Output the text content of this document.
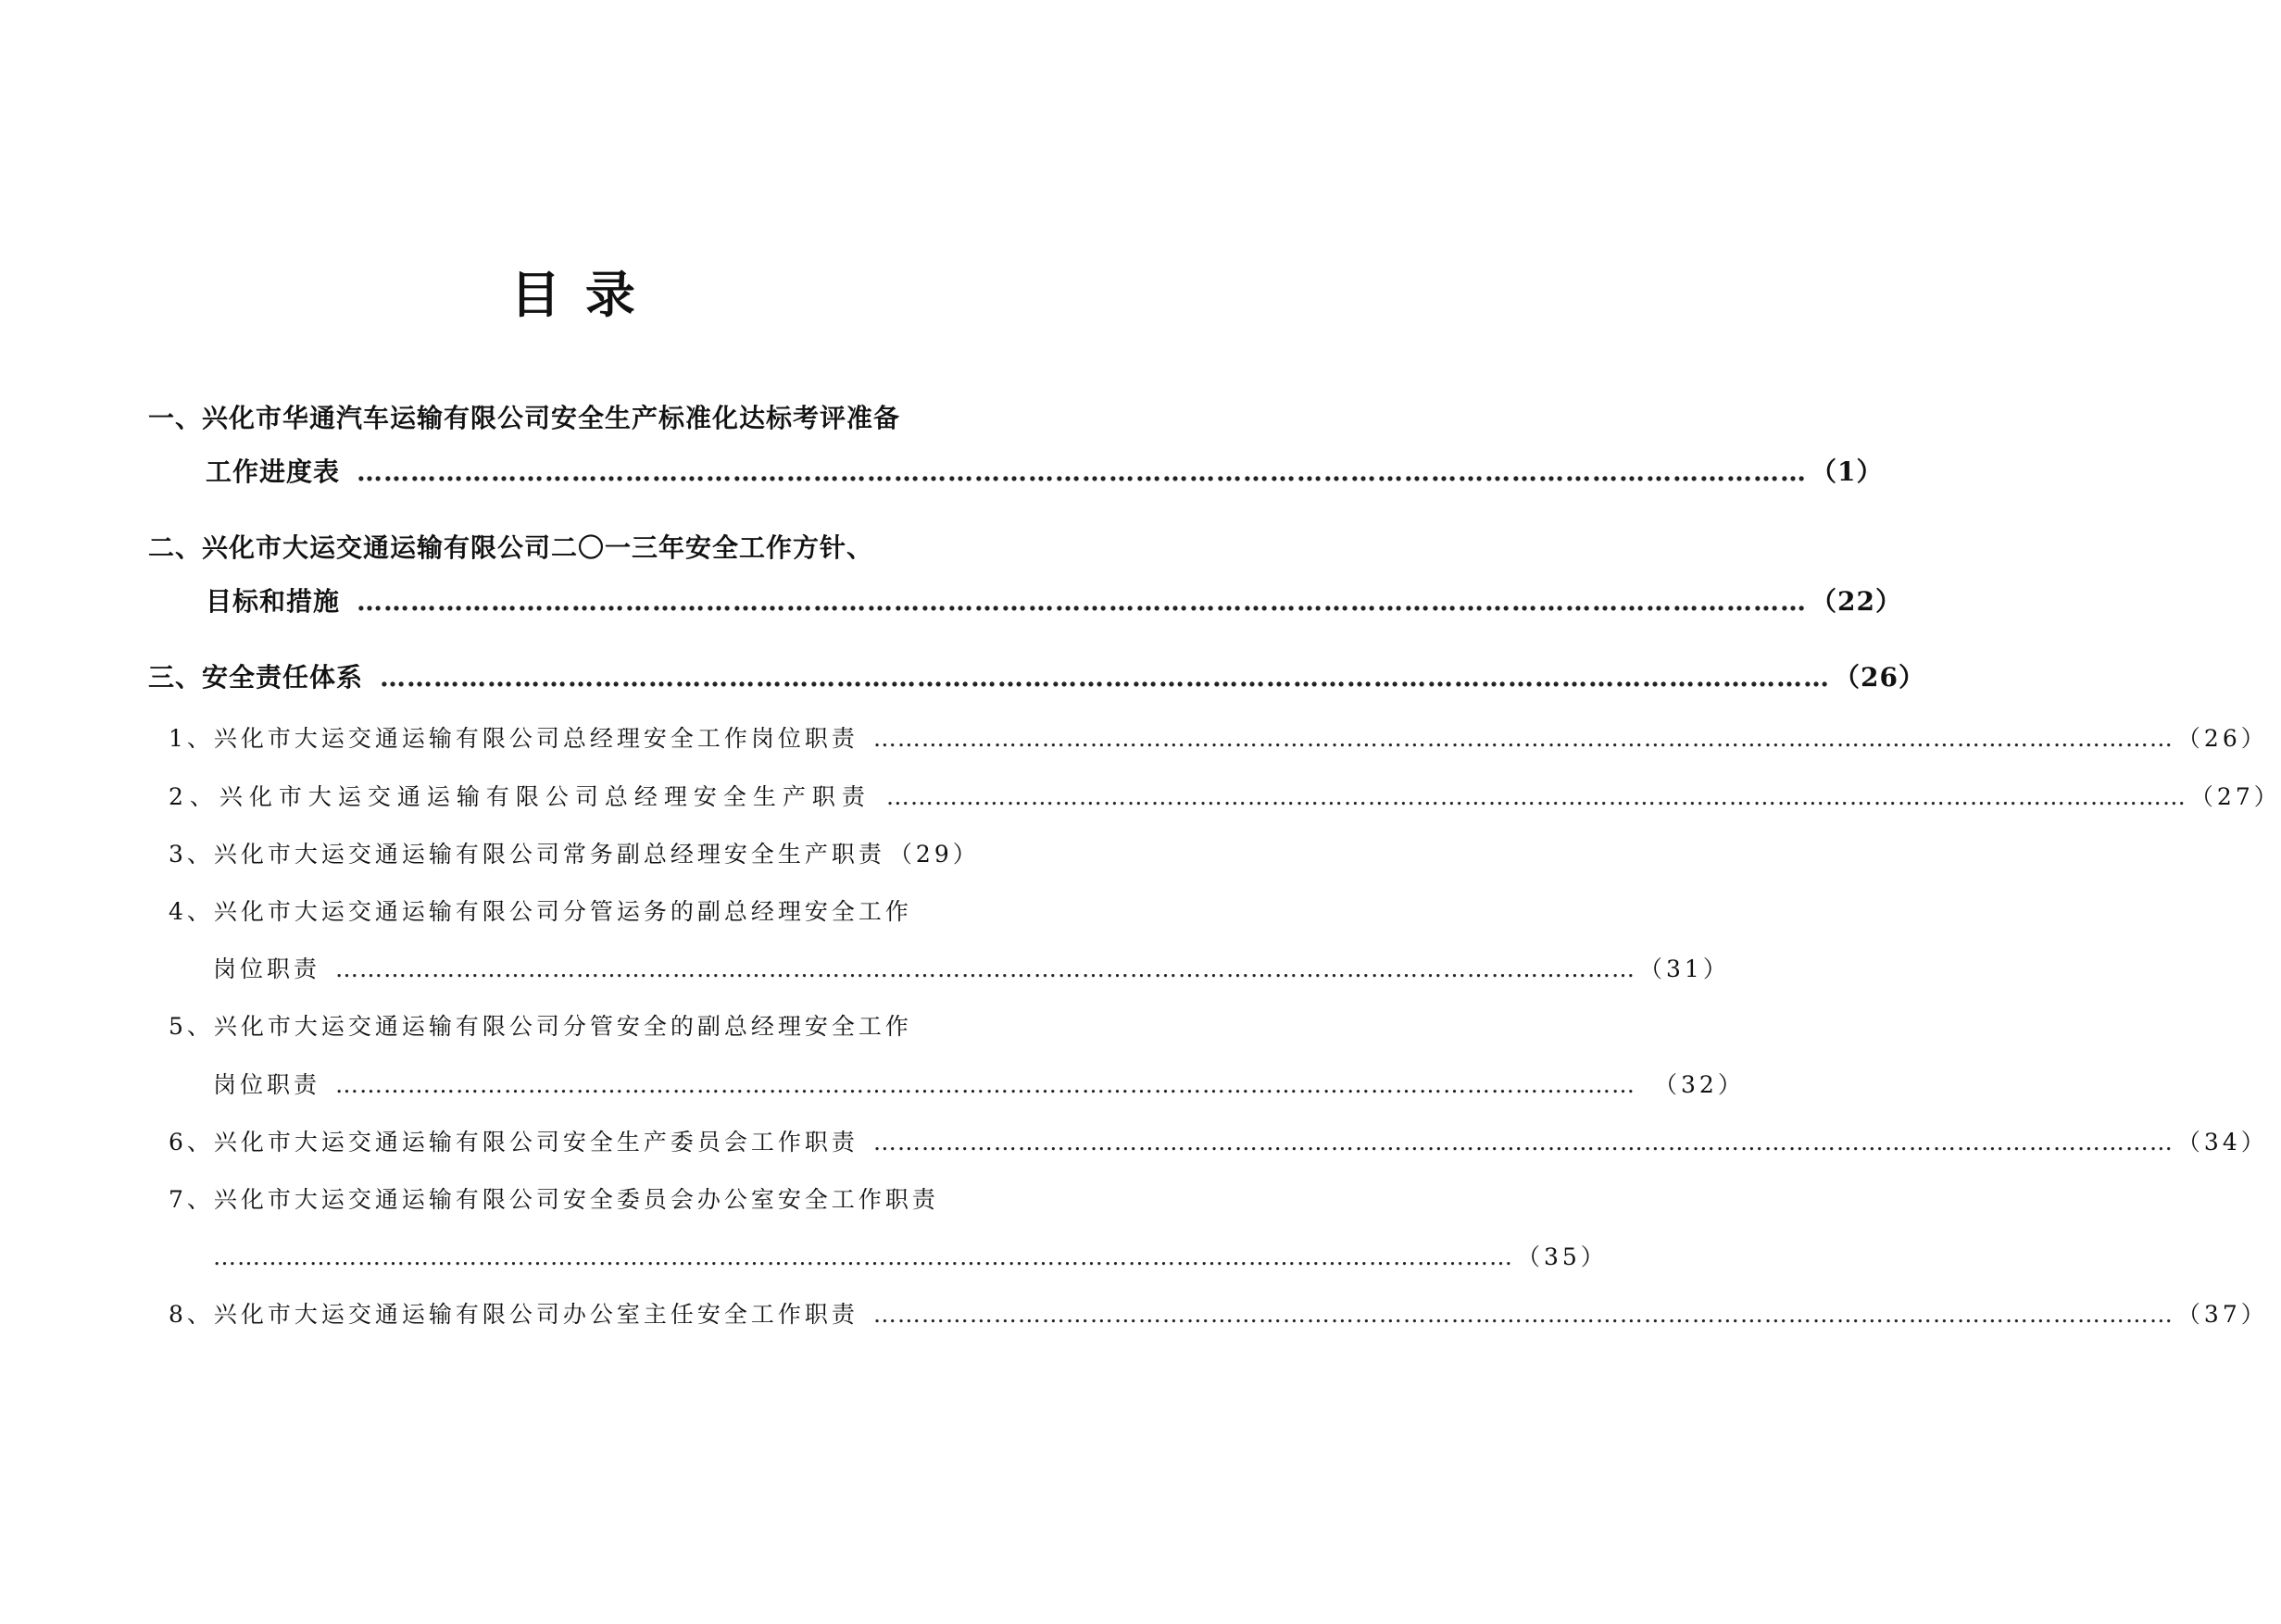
目 录
一、兴化市华通汽车运输有限公司安全生产标准化达标考评准备
工作进度表 ……………………………………………………………………………………………………………………………………………… （1）
二、兴化市大运交通运输有限公司二〇一三年安全工作方针、
目标和措施 ……………………………………………………………………………………………………………………………………………… （22）
三、安全责任体系 ……………………………………………………………………………………………………………………………………………… （26）
1、兴化市大运交通运输有限公司总经理安全工作岗位职责 ……………………………………………………………………………………………………………………………………………… （26）
2、兴化市大运交通运输有限公司总经理安全生产职责 ……………………………………………………………………………………………………………………………………………… （27）
3、兴化市大运交通运输有限公司常务副总经理安全生产职责 （29）
4、兴化市大运交通运输有限公司分管运务的副总经理安全工作
岗位职责 ……………………………………………………………………………………………………………………………………………… （31）
5、兴化市大运交通运输有限公司分管安全的副总经理安全工作
岗位职责 ……………………………………………………………………………………………………………………………………………… （32）
6、兴化市大运交通运输有限公司安全生产委员会工作职责 ……………………………………………………………………………………………………………………………………………… （34）
7、兴化市大运交通运输有限公司安全委员会办公室安全工作职责
……………………………………………………………………………………………………………………………………………… （35）
8、兴化市大运交通运输有限公司办公室主任安全工作职责 ……………………………………………………………………………………………………………………………………………… （37）
